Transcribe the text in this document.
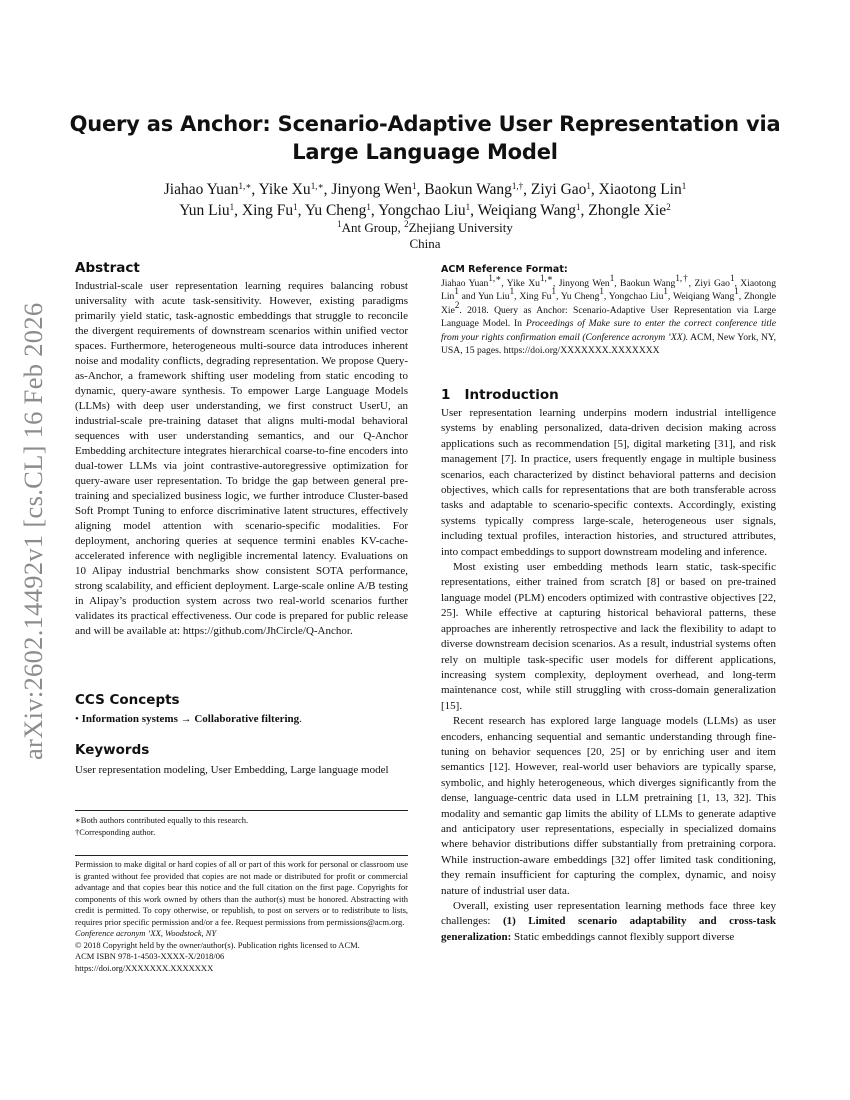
arXiv:2602.14492v1 [cs.CL] 16 Feb 2026
Query as Anchor: Scenario-Adaptive User Representation via
Large Language Model
Jiahao Yuan$^{1,∗}$, Yike $Xu^{1,∗}$, Jinyong Wen$^1$, Baokun Wang$^{1,\dagger}$, Ziyi Gao$^1$, Xiaotong Lin$^1$
Yun Liu$^1$, Xing Fu$^1$, Yu Cheng$^1$, Yongchao Liu$^1$, Weiqiang Wang$^1$, Zhongle Xie$^2$
$^1$Ant Group, $^2$Zhejiang University
China
Abstract

Industrial-scale user representation learning requires balancing robust universality with acute task-sensitivity. However, existing paradigms primarily yield static, task-agnostic embeddings that struggle to reconcile the divergent requirements of downstream scenarios within unified vector spaces. Furthermore, heterogeneous multi-source data introduces inherent noise and modality conflicts, degrading representation. We propose Query-as-Anchor, a framework shifting user modeling from static encoding to dynamic, query-aware synthesis. To empower Large Language Models (LLMs) with deep user understanding, we first construct UserU, an industrial-scale pre-training dataset that aligns multi-modal behavioral sequences with user understanding semantics, and our Q-Anchor Embedding architecture integrates hierarchical coarse-to-fine encoders into dual-tower LLMs via joint contrastive-autoregressive optimization for query-aware user representation. To bridge the gap between general pre-training and specialized business logic, we further introduce Cluster-based Soft Prompt Tuning to enforce discriminative latent structures, effectively aligning model attention with scenario-specific modalities. For deployment, anchoring queries at sequence termini enables KV-cache-accelerated inference with negligible incremental latency. Evaluations on 10 Alipay industrial benchmarks show consistent SOTA performance, strong scalability, and efficient deployment. Large-scale online A/B testing in Alipay’s production system across two real-world scenarios further validates its practical effectiveness. Our code is prepared for public release and will be available at: https://github.com/JhCircle/Q-Anchor.

CCS Concepts
• Information systems → Collaborative filtering.
Keywords
User representation modeling, User Embedding, Large language model
∗Both authors contributed equally to this research.
†Corresponding author.

Permission to make digital or hard copies of all or part of this work for personal or classroom use is granted without fee provided that copies are not made or distributed for profit or commercial advantage and that copies bear this notice and the full citation on the first page. Copyrights for components of this work owned by others than the author(s) must be honored. Abstracting with credit is permitted. To copy otherwise, or republish, to post on servers or to redistribute to lists, requires prior specific permission and/or a fee. Request permissions from permissions@acm.org.

Conference acronym ’XX, Woodstock, NY
© 2018 Copyright held by the owner/author(s). Publication rights licensed to ACM.
ACM ISBN 978-1-4503-XXXX-X/2018/06
https://doi.org/XXXXXXX.XXXXXXX
ACM Reference Format:
Jiahao Yuan$^{1,∗}$, Yike $Xu^{1,∗}$, Jinyong Wen$^1$, Baokun Wang$^{1,\dagger}$, Ziyi Gao$^1$, Xiaotong Lin$^1$ and Yun Liu$^1$, Xing Fu$^1$, Yu Cheng$^1$, Yongchao Liu$^1$, Weiqiang Wang$^1$, Zhongle Xie$^2$. 2018. Query as Anchor: Scenario-Adaptive User Representation via Large Language Model. In Proceedings of Make sure to enter the correct conference title from your rights confirmation email (Conference acronym ’XX). ACM, New York, NY, USA, 15 pages. https://doi.org/XXXXXXX.XXXXXXX
1 Introduction

User representation learning underpins modern industrial intelligence systems by enabling personalized, data-driven decision making across applications such as recommendation [5], digital marketing [31], and risk management [7]. In practice, users frequently engage in multiple business scenarios, each characterized by distinct behavioral patterns and decision objectives, which calls for representations that are both transferable across tasks and adaptable to scenario-specific contexts. Accordingly, existing systems typically compress large-scale, heterogeneous user signals, including textual profiles, interaction histories, and structured attributes, into compact embeddings to support downstream modeling and inference.

Most existing user embedding methods learn static, task-specific representations, either trained from scratch [8] or based on pre-trained language model (PLM) encoders optimized with contrastive objectives [22, 25]. While effective at capturing historical behavioral patterns, these approaches are inherently retrospective and lack the flexibility to adapt to diverse downstream decision scenarios. As a result, industrial systems often rely on multiple task-specific user models for different applications, increasing system complexity, deployment overhead, and long-term maintenance cost, while still struggling with cross-domain generalization [15].

Recent research has explored large language models (LLMs) as user encoders, enhancing sequential and semantic understanding through fine-tuning on behavior sequences [20, 25] or by enriching user and item semantics [12]. However, real-world user behaviors are typically sparse, symbolic, and highly heterogeneous, which diverges significantly from the dense, language-centric data used in LLM pretraining [1, 13, 32]. This modality and semantic gap limits the ability of LLMs to generate adaptive and anticipatory user representations, especially in specialized domains where behavior distributions differ substantially from pretraining corpora. While instruction-aware embeddings [32] offer limited task conditioning, they remain insufficient for capturing the complex, dynamic, and noisy nature of industrial user data.

Overall, existing user representation learning methods face three key challenges: (1) Limited scenario adaptability and cross-task generalization: Static embeddings cannot flexibly support diverse
